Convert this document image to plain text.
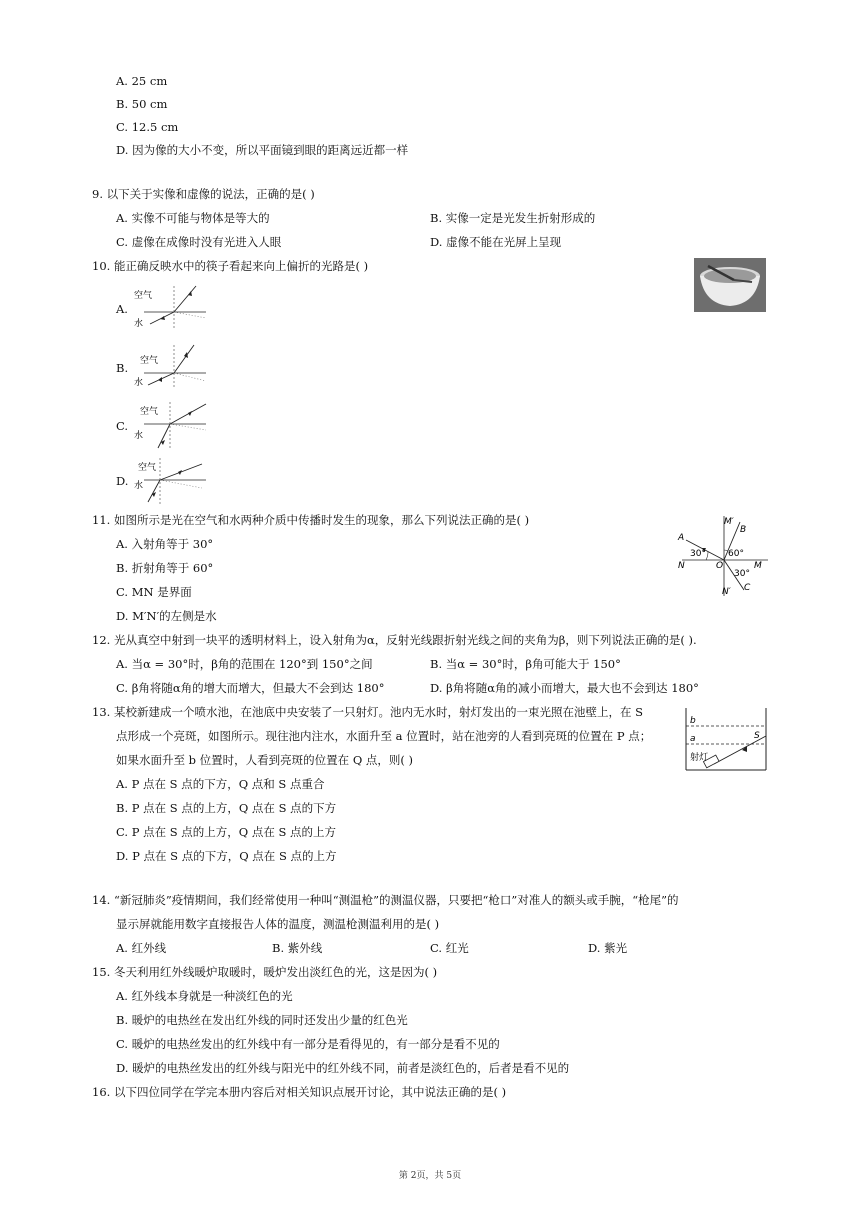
A. 25 cm
B. 50 cm
C. 12.5 cm
D. 因为像的大小不变，所以平面镜到眼的距离远近都一样
9. 以下关于实像和虚像的说法，正确的是( )
A. 实像不可能与物体是等大的	B. 实像一定是光发生折射形成的
C. 虚像在成像时没有光进入人眼	D. 虚像不能在光屏上呈现
10. 能正确反映水中的筷子看起来向上偏折的光路是( )
A.
空气
水
B. 空气
水
C.
空气
水
D.
空气
水
11. 如图所示是光在空气和水两种介质中传播时发生的现象，那么下列说法正确的是( )
A. 入射角等于 30°
B. 折射角等于 60°
C. MN 是界面
D. M′N′的左侧是水
M′
B
A
30° 60°
N	O	M
30°
N′ C
12. 光从真空中射到一块平的透明材料上，设入射角为α，反射光线跟折射光线之间的夹角为β，则下列说法正确的是( ).
A. 当α = 30°时，β角的范围在 120°到 150°之间	B. 当α = 30°时，β角可能大于 150°
C. β角将随α角的增大而增大，但最大不会到达 180°	D. β角将随α角的减小而增大，最大也不会到达 180°
13. 某校新建成一个喷水池，在池底中央安装了一只射灯。池内无水时，射灯发出的一束光照在池壁上，在 S
点形成一个亮斑，如图所示。现往池内注水，水面升至 a 位置时，站在池旁的人看到亮斑的位置在 P 点；
如果水面升至 b 位置时，人看到亮斑的位置在 Q 点，则( )
A. P 点在 S 点的下方，Q 点和 S 点重合
B. P 点在 S 点的上方，Q 点在 S 点的下方
C. P 点在 S 点的上方，Q 点在 S 点的上方
D. P 点在 S 点的下方，Q 点在 S 点的上方
b
a	S
射灯
14. “新冠肺炎”疫情期间，我们经常使用一种叫“测温枪”的测温仪器，只要把“枪口”对准人的额头或手腕，“枪尾”的
显示屏就能用数字直接报告人体的温度，测温枪测温利用的是( )
A. 红外线	B. 紫外线	C. 红光	D. 紫光
15. 冬天利用红外线暖炉取暖时，暖炉发出淡红色的光，这是因为( )
A. 红外线本身就是一种淡红色的光
B. 暖炉的电热丝在发出红外线的同时还发出少量的红色光
C. 暖炉的电热丝发出的红外线中有一部分是看得见的，有一部分是看不见的
D. 暖炉的电热丝发出的红外线与阳光中的红外线不同，前者是淡红色的，后者是看不见的
16. 以下四位同学在学完本册内容后对相关知识点展开讨论，其中说法正确的是( )
第 2页，共 5页
